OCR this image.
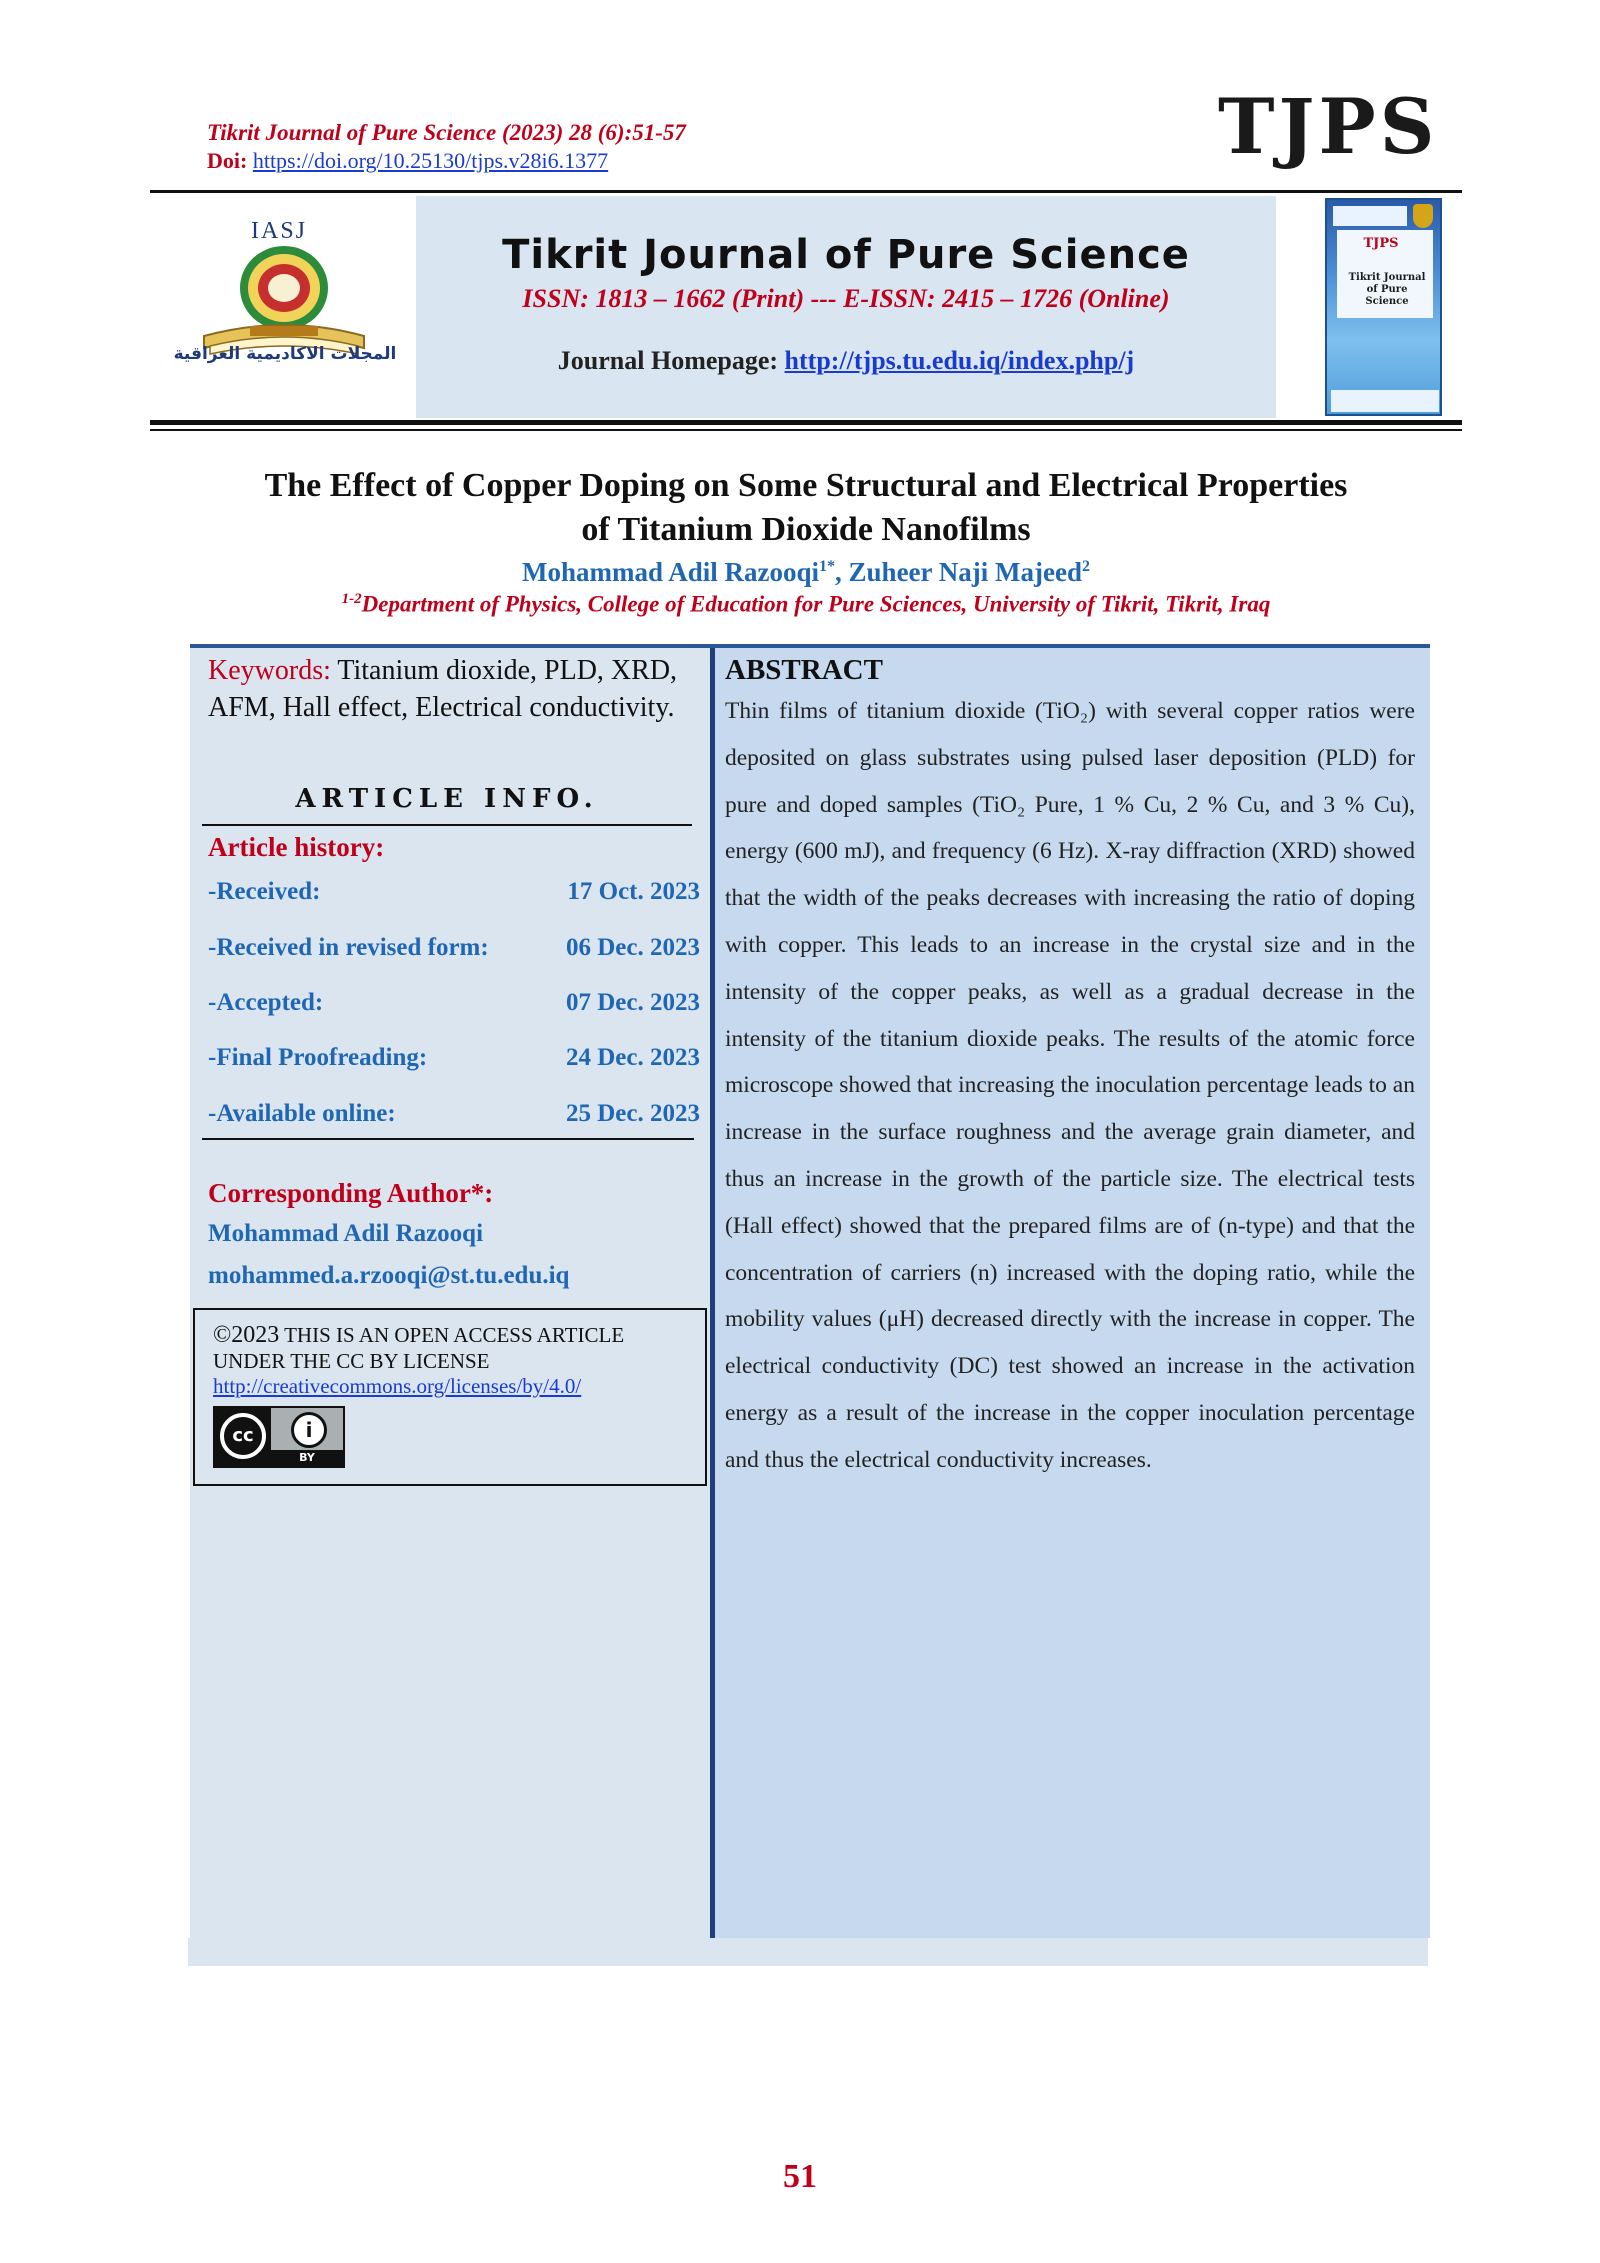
Tikrit Journal of Pure Science (2023) 28 (6):51-57
Doi: https://doi.org/10.25130/tjps.v28i6.1377	TJPS
IASJ
المجلات الاكاديمية العراقية
Tikrit Journal of Pure Science
ISSN: 1813 – 1662 (Print) --- E-ISSN: 2415 – 1726 (Online)
Journal Homepage: http://tjps.tu.edu.iq/index.php/j
TJPS
Tikrit Journal of Pure Science
The Effect of Copper Doping on Some Structural and Electrical Properties
of Titanium Dioxide Nanofilms
Mohammad Adil Razooqi$^{1*}$, Zuheer Naji Majeed$^2$
$^{1-2}$Department of Physics, College of Education for Pure Sciences, University of Tikrit, Tikrit, Iraq
Keywords: Titanium dioxide, PLD, XRD, AFM, Hall effect, Electrical conductivity.
ARTICLE INFO.
Article history:
-Received:	17 Oct. 2023
-Received in revised form:	06 Dec. 2023
-Accepted:	07 Dec. 2023
-Final Proofreading:	24 Dec. 2023
-Available online:	25 Dec. 2023
Corresponding Author*:
Mohammad Adil Razooqi
mohammed.a.rzooqi@st.tu.edu.iq
©2023 THIS IS AN OPEN ACCESS ARTICLE
UNDER THE CC BY LICENSE
http://creativecommons.org/licenses/by/4.0/
cc	i
BY
ABSTRACT
Thin films of titanium dioxide (TiO₂) with several copper ratios were deposited on glass substrates using pulsed laser deposition (PLD) for pure and doped samples (TiO₂ Pure, 1 % Cu, 2 % Cu, and 3 % Cu), energy (600 mJ), and frequency (6 Hz). X-ray diffraction (XRD) showed that the width of the peaks decreases with increasing the ratio of doping with copper. This leads to an increase in the crystal size and in the intensity of the copper peaks, as well as a gradual decrease in the intensity of the titanium dioxide peaks. The results of the atomic force microscope showed that increasing the inoculation percentage leads to an increase in the surface roughness and the average grain diameter, and thus an increase in the growth of the particle size. The electrical tests (Hall effect) showed that the prepared films are of (n-type) and that the concentration of carriers (n) increased with the doping ratio, while the mobility values (μH) decreased directly with the increase in copper. The electrical conductivity (DC) test showed an increase in the activation energy as a result of the increase in the copper inoculation percentage and thus the electrical conductivity increases.
51
